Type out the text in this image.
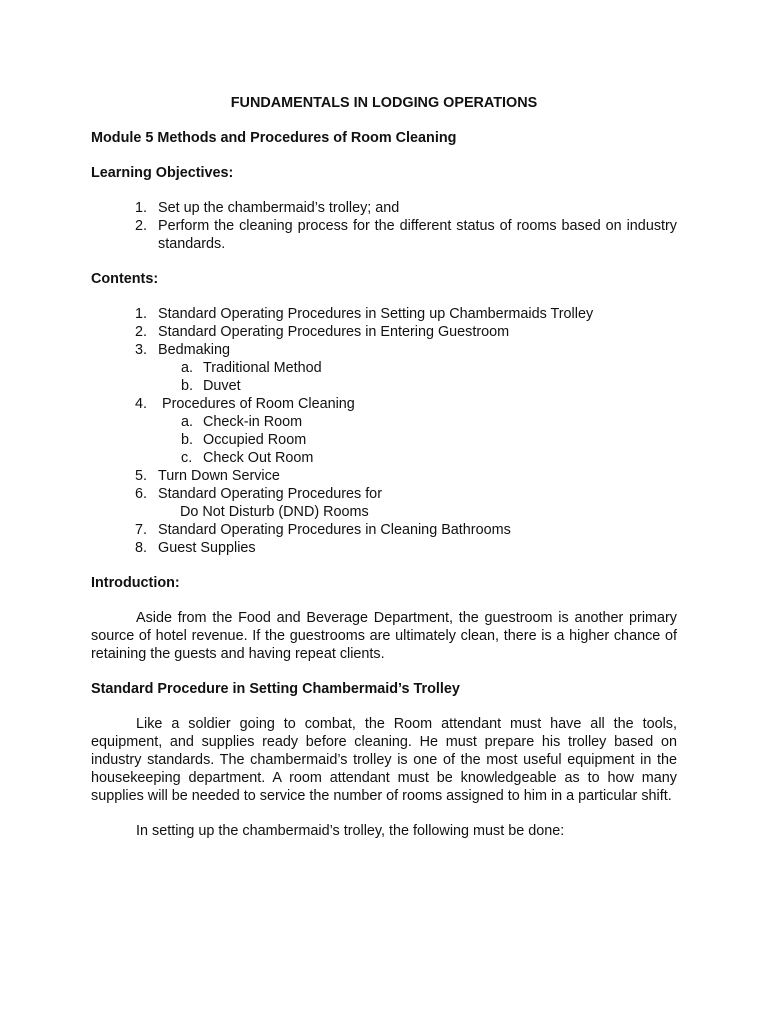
FUNDAMENTALS IN LODGING OPERATIONS
Module 5 Methods and Procedures of Room Cleaning
Learning Objectives:
1. Set up the chambermaid’s trolley; and
2. Perform the cleaning process for the different status of rooms based on industry standards.
Contents:
1. Standard Operating Procedures in Setting up Chambermaids Trolley
2. Standard Operating Procedures in Entering Guestroom
3. Bedmaking
a. Traditional Method
b. Duvet
4.	Procedures of Room Cleaning
a. Check-in Room
b. Occupied Room
c. Check Out Room
5. Turn Down Service
6. Standard Operating Procedures for
Do Not Disturb (DND) Rooms
7. Standard Operating Procedures in Cleaning Bathrooms
8. Guest Supplies
Introduction:

Aside from the Food and Beverage Department, the guestroom is another primary source of hotel revenue. If the guestrooms are ultimately clean, there is a higher chance of retaining the guests and having repeat clients.

Standard Procedure in Setting Chambermaid’s Trolley

Like a soldier going to combat, the Room attendant must have all the tools, equipment, and supplies ready before cleaning. He must prepare his trolley based on industry standards. The chambermaid’s trolley is one of the most useful equipment in the housekeeping department. A room attendant must be knowledgeable as to how many supplies will be needed to service the number of rooms assigned to him in a particular shift.

In setting up the chambermaid’s trolley, the following must be done:
